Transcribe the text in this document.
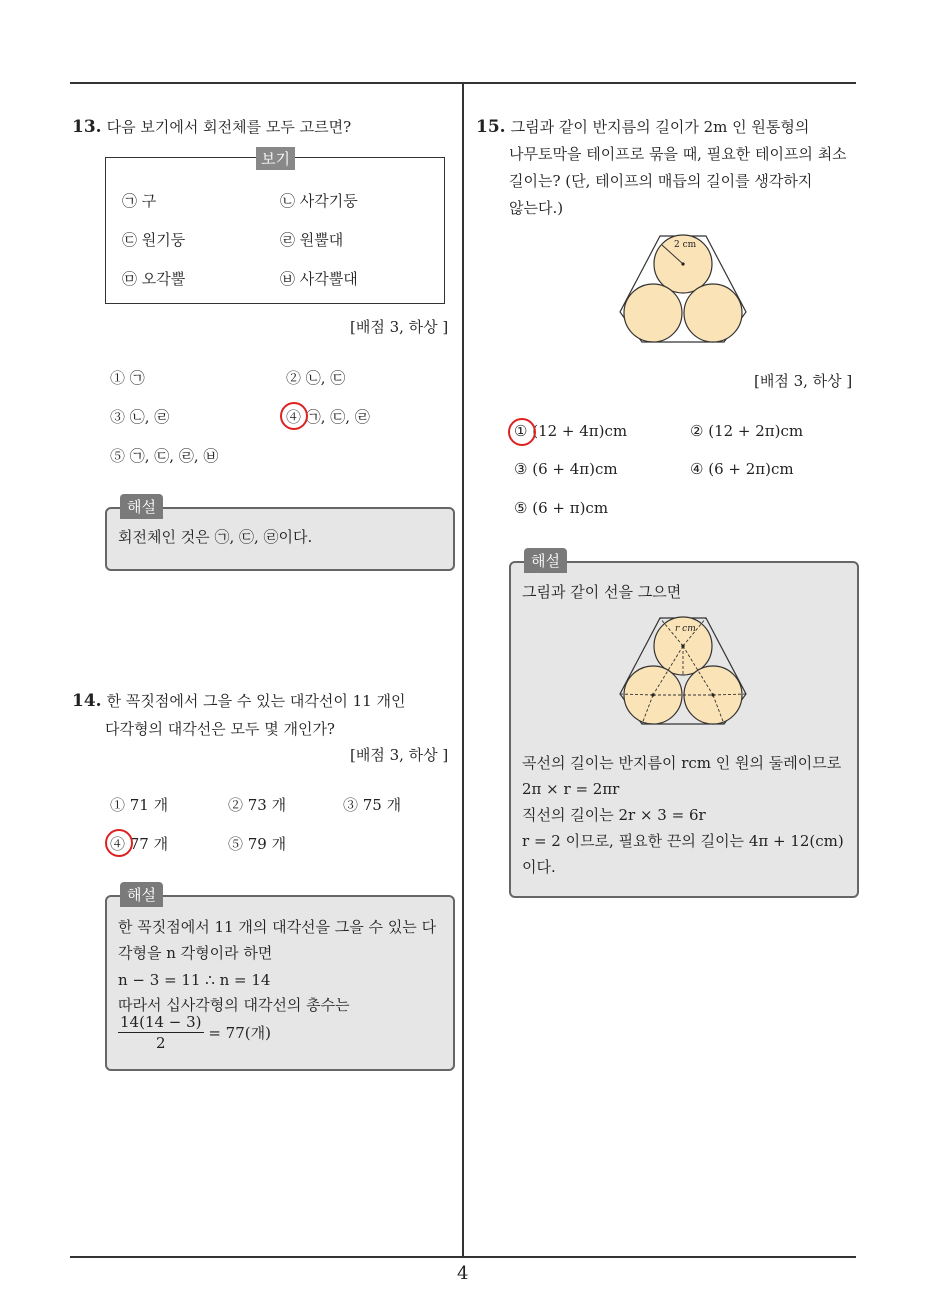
13. 다음 보기에서 회전체를 모두 고르면?
보기
㉠ 구	㉡ 사각기둥
㉢ 원기둥	㉣ 원뿔대
㉤ 오각뿔	㉥ 사각뿔대
[배점 3, 하상 ]
① ㉠	② ㉡, ㉢
③ ㉡, ㉣	④ ㉠, ㉢, ㉣
⑤ ㉠, ㉢, ㉣, ㉥
해설
회전체인 것은 ㉠, ㉢, ㉣이다.
14. 한 꼭짓점에서 그을 수 있는 대각선이 11 개인
다각형의 대각선은 모두 몇 개인가?
[배점 3, 하상 ]
① 71 개	② 73 개	③ 75 개
④ 77 개	⑤ 79 개
해설
한 꼭짓점에서 11 개의 대각선을 그을 수 있는 다
각형을 n 각형이라 하면
n − 3 = 11 ∴ n = 14
따라서 십사각형의 대각선의 총수는
$\frac{14(14 - 3)}{2} = 77$(개)
15. 그림과 같이 반지름의 길이가 2m 인 원통형의
나무토막을 테이프로 묶을 때, 필요한 테이프의 최소
길이는? (단, 테이프의 매듭의 길이를 생각하지
않는다.)
2 cm
[배점 3, 하상 ]
① (12 + 4π)cm	② (12 + 2π)cm
③ (6 + 4π)cm	④ (6 + 2π)cm
⑤ (6 + π)cm
해설
그림과 같이 선을 그으면
r cm
곡선의 길이는 반지름이 rcm 인 원의 둘레이므로
2π × r = 2πr
직선의 길이는 2r × 3 = 6r
r = 2 이므로, 필요한 끈의 길이는 4π + 12(cm)
이다.
4
